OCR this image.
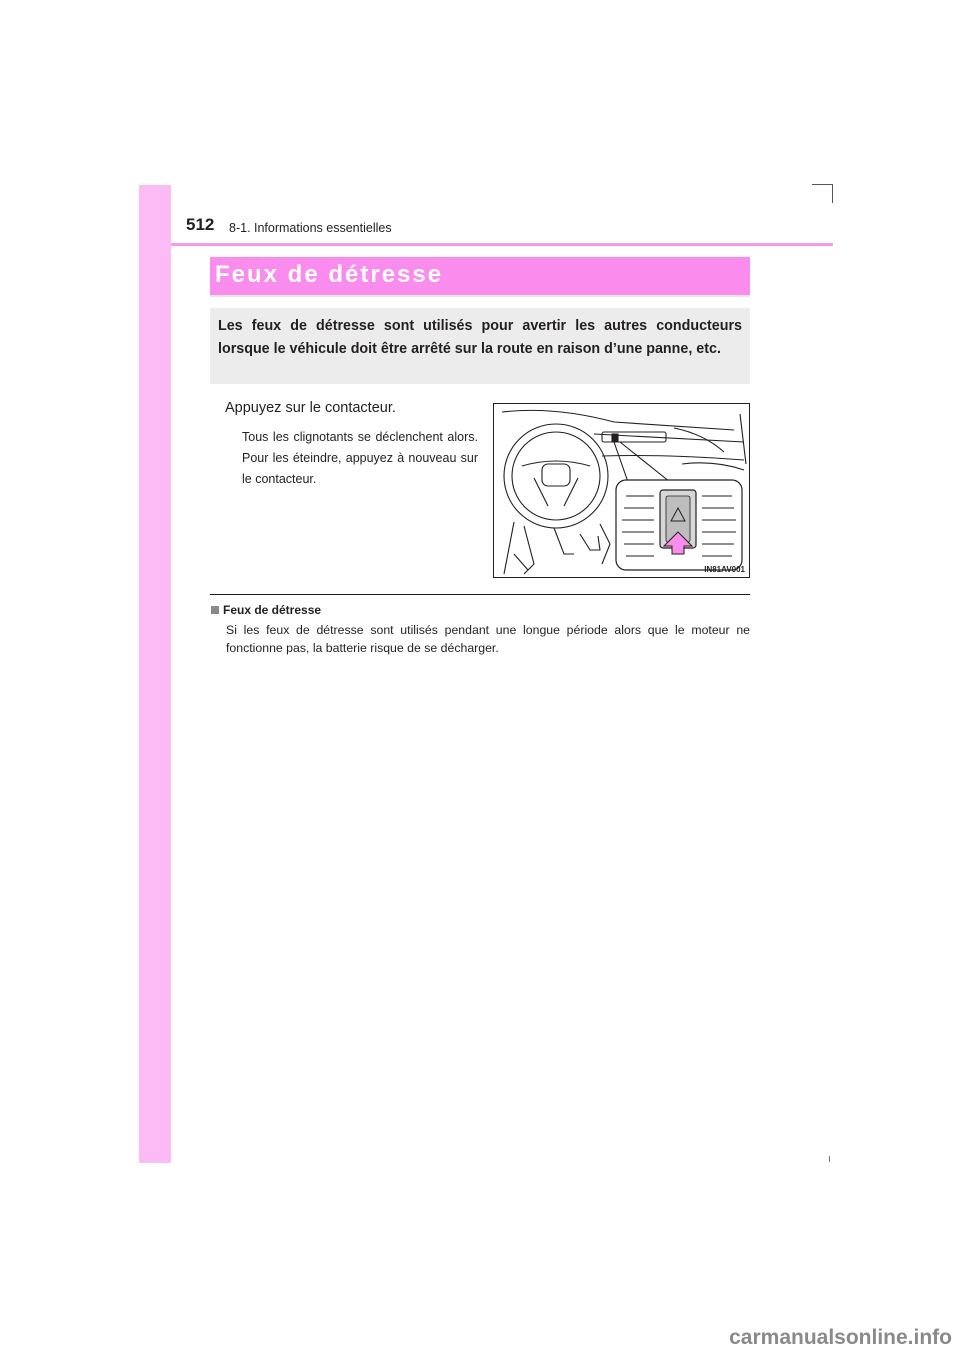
512 8-1. Informations essentielles
Feux de détresse

Les feux de détresse sont utilisés pour avertir les autres conducteurs lorsque le véhicule doit être arrêté sur la route en raison d’une panne, etc.

Appuyez sur le contacteur.

Tous les clignotants se déclenchent alors. Pour les éteindre, appuyez à nouveau sur le contacteur.

IN81AV001
Feux de détresse

Si les feux de détresse sont utilisés pendant une longue période alors que le moteur ne fonctionne pas, la batterie risque de se décharger.

carmanualsonline.info
